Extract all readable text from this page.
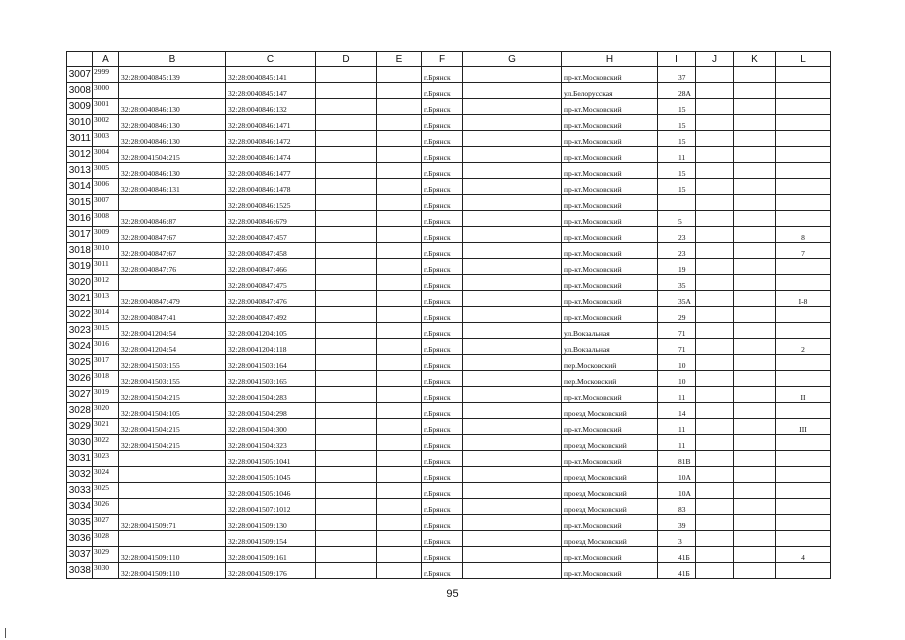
	A	B	C	D	E	F	G	H	I	J	K	L
3007	2999	32:28:0040845:139	32:28:0040845:141			г.Брянск		пр-кт.Московский	37			
3008	3000		32:28:0040845:147			г.Брянск		ул.Белорусская	28А			
3009	3001	32:28:0040846:130	32:28:0040846:132			г.Брянск		пр-кт.Московский	15			
3010	3002	32:28:0040846:130	32:28:0040846:1471			г.Брянск		пр-кт.Московский	15			
3011	3003	32:28:0040846:130	32:28:0040846:1472			г.Брянск		пр-кт.Московский	15			
3012	3004	32:28:0041504:215	32:28:0040846:1474			г.Брянск		пр-кт.Московский	11			
3013	3005	32:28:0040846:130	32:28:0040846:1477			г.Брянск		пр-кт.Московский	15			
3014	3006	32:28:0040846:131	32:28:0040846:1478			г.Брянск		пр-кт.Московский	15			
3015	3007		32:28:0040846:1525			г.Брянск		пр-кт.Московский				
3016	3008	32:28:0040846:87	32:28:0040846:679			г.Брянск		пр-кт.Московский	5			
3017	3009	32:28:0040847:67	32:28:0040847:457			г.Брянск		пр-кт.Московский	23			8
3018	3010	32:28:0040847:67	32:28:0040847:458			г.Брянск		пр-кт.Московский	23			7
3019	3011	32:28:0040847:76	32:28:0040847:466			г.Брянск		пр-кт.Московский	19			
3020	3012		32:28:0040847:475			г.Брянск		пр-кт.Московский	35			
3021	3013	32:28:0040847:479	32:28:0040847:476			г.Брянск		пр-кт.Московский	35А			I-8
3022	3014	32:28:0040847:41	32:28:0040847:492			г.Брянск		пр-кт.Московский	29			
3023	3015	32:28:0041204:54	32:28:0041204:105			г.Брянск		ул.Вокзальная	71			
3024	3016	32:28:0041204:54	32:28:0041204:118			г.Брянск		ул.Вокзальная	71			2
3025	3017	32:28:0041503:155	32:28:0041503:164			г.Брянск		пер.Московский	10			
3026	3018	32:28:0041503:155	32:28:0041503:165			г.Брянск		пер.Московский	10			
3027	3019	32:28:0041504:215	32:28:0041504:283			г.Брянск		пр-кт.Московский	11			II
3028	3020	32:28:0041504:105	32:28:0041504:298			г.Брянск		проезд Московский	14			
3029	3021	32:28:0041504:215	32:28:0041504:300			г.Брянск		пр-кт.Московский	11			III
3030	3022	32:28:0041504:215	32:28:0041504:323			г.Брянск		проезд Московский	11			
3031	3023		32:28:0041505:1041			г.Брянск		пр-кт.Московский	81В			
3032	3024		32:28:0041505:1045			г.Брянск		проезд Московский	10А			
3033	3025		32:28:0041505:1046			г.Брянск		проезд Московский	10А			
3034	3026		32:28:0041507:1012			г.Брянск		проезд Московский	83			
3035	3027	32:28:0041509:71	32:28:0041509:130			г.Брянск		пр-кт.Московский	39			
3036	3028		32:28:0041509:154			г.Брянск		проезд Московский	3			
3037	3029	32:28:0041509:110	32:28:0041509:161			г.Брянск		пр-кт.Московский	41Б			4
3038	3030	32:28:0041509:110	32:28:0041509:176			г.Брянск		пр-кт.Московский	41Б			
95
